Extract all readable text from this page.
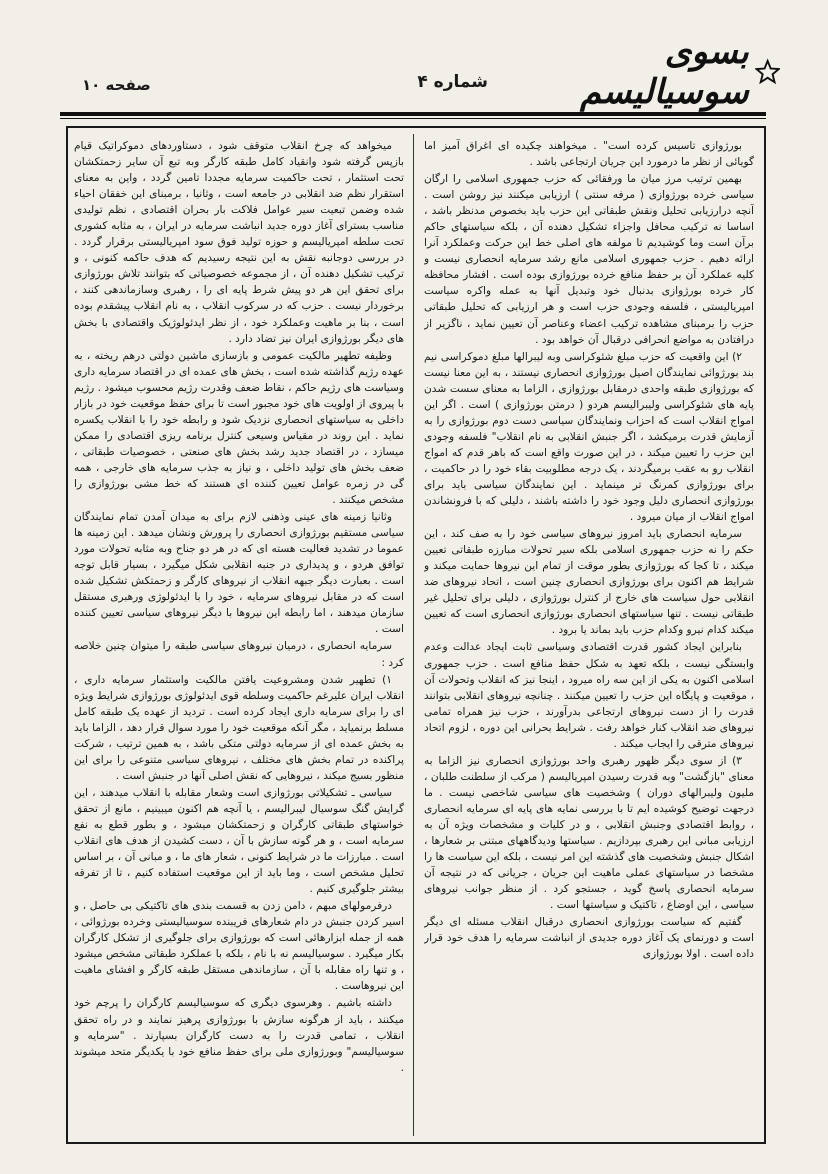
بسوی سوسیالیسم
شماره ۴
صفحه ۱۰

بورژوازی تاسیس کرده است" . میخواهند چکیده ای اغراق آمیز اما گویائی از نظر ما درمورد این جریان ارتجاعی باشد .

بهمین ترتیب مرز میان ما ورفقائی که حزب جمهوری اسلامی را ارگان سیاسی خرده بورژوازی ( مرفه سنتی ) ارزیابی میکنند نیز روشن است . آنچه درارزیابی تحلیل ونقش طبقاتی این حزب باید بخصوص مدنظر باشد ، اساسا نه ترکیب محافل واجزاء تشکیل دهنده آن ، بلکه سیاستهای حاکم برآن است وما کوشیدیم تا مولفه های اصلی خط این حرکت وعملکرد آنرا ارائه دهیم . حزب جمهوری اسلامی مانع رشد سرمایه انحصاری نیست و کلیه عملکرد آن بر حفظ منافع خرده بورژوازی بوده است . افشار محافظه کار خرده بورژوازی بدنبال خود وتبدیل آنها به عمله واکره سیاست امپریالیستی ، فلسفه وجودی حزب است و هر ارزیابی که تحلیل طبقاتی حزب را برمبنای مشاهده ترکیب اعضاء وعناصر آن تعیین نماید ، ناگزیر از درافتادن به مواضع انحرافی درقبال آن خواهد بود .

۲) این واقعیت که حزب مبلغ شئوکراسی وبه لیبرالها مبلغ دموکراسی نیم بند بورژوائی نمایندگان اصیل بورژوازی انحصاری نیستند ، به این معنا نیست که بورژوازی طبقه واحدی درمقابل بورژوازی ، الزاما به معنای سست شدن پایه های شئوکراسی ولیبرالیسم هردو ( درمتن بورژوازی ) است . اگر این امواج انقلاب است که احزاب ونمایندگان سیاسی دست دوم بورژوازی را به آزمایش قدرت برمیکشد ، اگر جنبش انقلابی به نام انقلاب" فلسفه وجودی این حزب را تعیین میکند ، در این صورت واقع است که باهر قدم که امواج انقلاب رو به عقب برمیگردند ، یک درجه مطلوبیت بقاء خود را در حاکمیت ، برای بورژوازی کمرنگ تر مینماید . این نمایندگان سیاسی باید برای بورژوازی انحصاری دلیل وجود خود را داشته باشند ، دلیلی که با فرونشاندن امواج انقلاب از میان میرود .

سرمایه انحصاری باید امروز نیروهای سیاسی خود را به صف کند ، این حکم را نه حزب جمهوری اسلامی بلکه سیر تحولات مبارزه طبقاتی تعیین میکند ، تا کجا که بورژوازی بطور موقت از تمام این نیروها حمایت میکند و شرایط هم اکنون برای بورژوازی انحصاری چنین است ، اتحاد نیروهای ضد انقلابی حول سیاست های خارج از کنترل بورژوازی ، دلیلی برای تحلیل غیر طبقاتی نیست . تنها سیاستهای انحصاری بورژوازی انحصاری است که تعیین میکند کدام نیرو وکدام حزب باید بماند یا برود .

بنابراین ایجاد کشور قدرت اقتصادی وسیاسی ثابت ایجاد عدالت وعدم وابستگی نیست ، بلکه تعهد به شکل حفظ منافع است . حزب جمهوری اسلامی اکنون به یکی از این سه راه میرود ، اینجا نیز که انقلاب وتحولات آن ، موقعیت و پایگاه این حزب را تعیین میکنند . چنانچه نیروهای انقلابی بتوانند قدرت را از دست نیروهای ارتجاعی بدرآورند ، حزب نیز همراه تمامی نیروهای ضد انقلاب کنار خواهد رفت . شرایط بحرانی این دوره ، لزوم اتحاد نیروهای مترقی را ایجاب میکند .

۳) از سوی دیگر ظهور رهبری واحد بورژوازی انحصاری نیز الزاما به معنای "بازگشت" وبه قدرت رسیدن امپریالیسم ( مرکب از سلطنت طلبان ، ملیون ولیبرالهای دوران ) وشخصیت های سیاسی شاخصی نیست . ما درجهت توضیح کوشیده ایم تا با بررسی نمایه های پایه ای سرمایه انحصاری ، روابط اقتصادی وجنبش انقلابی ، و در کلیات و مشخصات ویژه آن به ارزیابی مبانی این رهبری بپردازیم . سیاستها ودیدگاههای مبتنی بر شعارها ، اشکال جنبش وشخصیت های گذشته این امر نیست ، بلکه این سیاست ها را مشخصا در سیاستهای عملی ماهیت این جریان ، جریانی که در نتیجه آن سرمایه انحصاری پاسخ گوید ، جستجو کرد . از منظر جوانب نیروهای سیاسی ، این اوضاع ، تاکتیک و سیاستها است .

گفتیم که سیاست بورژوازی انحصاری درقبال انقلاب مسئله ای دیگر است و دورنمای یک آغاز دوره جدیدی از انباشت سرمایه را هدف خود قرار داده است . اولا بورژوازی

میخواهد که چرخ انقلاب متوقف شود ، دستاوردهای دموکراتیک قیام بازپس گرفته شود وانقیاد کامل طبقه کارگر وبه تبع آن سایر زحمتکشان تحت استثمار ، تحت حاکمیت سرمایه مجددا تامین گردد ، واین به معنای استقرار نظم ضد انقلابی در جامعه است ، وثانیا ، برمبنای این خفقان احیاء شده وضمن تبعیت سیر عوامل فلاکت بار بحران اقتصادی ، نظم تولیدی مناسب بسترای آغاز دوره جدید انباشت سرمایه در ایران ، به مثابه کشوری تحت سلطه امپریالیسم و حوزه تولید فوق سود امپریالیستی برقرار گردد . در بررسی دوجانبه نقش به این نتیجه رسیدیم که هدف حاکمه کنونی ، و ترکیب تشکیل دهنده آن ، از مجموعه خصوصیاتی که بتوانند تلاش بورژوازی برای تحقق این هر دو پیش شرط پایه ای را ، رهبری وسازماندهی کنند ، برخوردار نیست . حزب که در سرکوب انقلاب ، به نام انقلاب پیشقدم بوده است ، بنا بر ماهیت وعملکرد خود ، از نظر ایدئولوژیک واقتصادی با بخش های دیگر بورژوازی ایران نیز تضاد دارد .

وظیفه تطهیر مالکیت عمومی و بازسازی ماشین دولتی درهم ریخته ، به عهده رژیم گذاشته شده است ، بخش های عمده ای در اقتصاد سرمایه داری وسیاست های رژیم حاکم ، نقاط ضعف وقدرت رژیم محسوب میشود . رژیم با پیروی از اولویت های خود مجبور است تا برای حفظ موقعیت خود در بازار داخلی به سیاستهای انحصاری نزدیک شود و رابطه خود را با انقلاب یکسره نماید . این روند در مقیاس وسیعی کنترل برنامه ریزی اقتصادی را ممکن میسازد ، در اقتصاد جدید رشد بخش های صنعتی ، خصوصیات طبقاتی ، ضعف بخش های تولید داخلی ، و نیاز به جذب سرمایه های خارجی ، همه گی در زمره عوامل تعیین کننده ای هستند که خط مشی بورژوازی را مشخص میکنند .

وثانیا زمینه های عینی وذهنی لازم برای به میدان آمدن تمام نمایندگان سیاسی مستقیم بورژوازی انحصاری را پرورش ونشان میدهد . این زمینه ها عموما در تشدید فعالیت هسته ای که در هر دو جناح وبه مثابه تحولات مورد توافق هردو ، و پدیداری در جنبه انقلابی شکل میگیرد ، بسیار قابل توجه است . بعبارت دیگر جبهه انقلاب از نیروهای کارگر و زحمتکش تشکیل شده است که در مقابل نیروهای سرمایه ، خود را با ایدئولوژی ورهبری مستقل سازمان میدهند ، اما رابطه این نیروها با دیگر نیروهای سیاسی تعیین کننده است .

سرمایه انحصاری ، درمیان نیروهای سیاسی طبقه را میتوان چنین خلاصه کرد :

۱) تطهیر شدن ومشروعیت یافتن مالکیت واستثمار سرمایه داری ، انقلاب ایران علیرغم حاکمیت وسلطه قوی ایدئولوژی بورژوازی شرایط ویژه ای را برای سرمایه داری ایجاد کرده است . تردید از عهده یک طبقه کامل مسلط برنمیاید ، مگر آنکه موقعیت خود را مورد سوال قرار دهد ، الزاما باید به بخش عمده ای از سرمایه دولتی متکی باشد ، به همین ترتیب ، شرکت پراکنده در تمام بخش های مختلف ، نیروهای سیاسی متنوعی را برای این منظور بسیج میکند ، نیروهایی که نقش اصلی آنها در جنبش است .

سیاسی ـ تشکیلاتی بورژوازی است وشعار مقابله با انقلاب میدهند ، این گرایش گنگ سوسیال لیبرالیسم ، یا آنچه هم اکنون میبینیم ، مانع از تحقق خواستهای طبقاتی کارگران و زحمتکشان میشود ، و بطور قطع به نفع سرمایه است ، و هر گونه سازش با آن ، دست کشیدن از هدف های انقلاب است . مبارزات ما در شرایط کنونی ، شعار های ما ، و مبانی آن ، بر اساس تحلیل مشخص است ، وما باید از این موقعیت استفاده کنیم ، تا از تفرقه بیشتر جلوگیری کنیم .

درفرمولهای مبهم ، دامن زدن به قسمت بندی های تاکتیکی بی حاصل ، و اسیر کردن جنبش در دام شعارهای فریبنده سوسیالیستی وخرده بورژوائی ، همه از جمله ابزارهائی است که بورژوازی برای جلوگیری از تشکل کارگران بکار میگیرد . سوسیالیسم نه با نام ، بلکه با عملکرد طبقاتی مشخص میشود ، و تنها راه مقابله با آن ، سازماندهی مستقل طبقه کارگر و افشای ماهیت این نیروهاست .

داشته باشیم . وهرسوی دیگری که سوسیالیسم کارگران را پرچم خود میکنند ، باید از هرگونه سازش با بورژوازی پرهیز نمایند و در راه تحقق انقلاب ، تمامی قدرت را به دست کارگران بسپارند . "سرمایه و سوسیالیسم" وبورژوازی ملی برای حفظ منافع خود با یکدیگر متحد میشوند .
